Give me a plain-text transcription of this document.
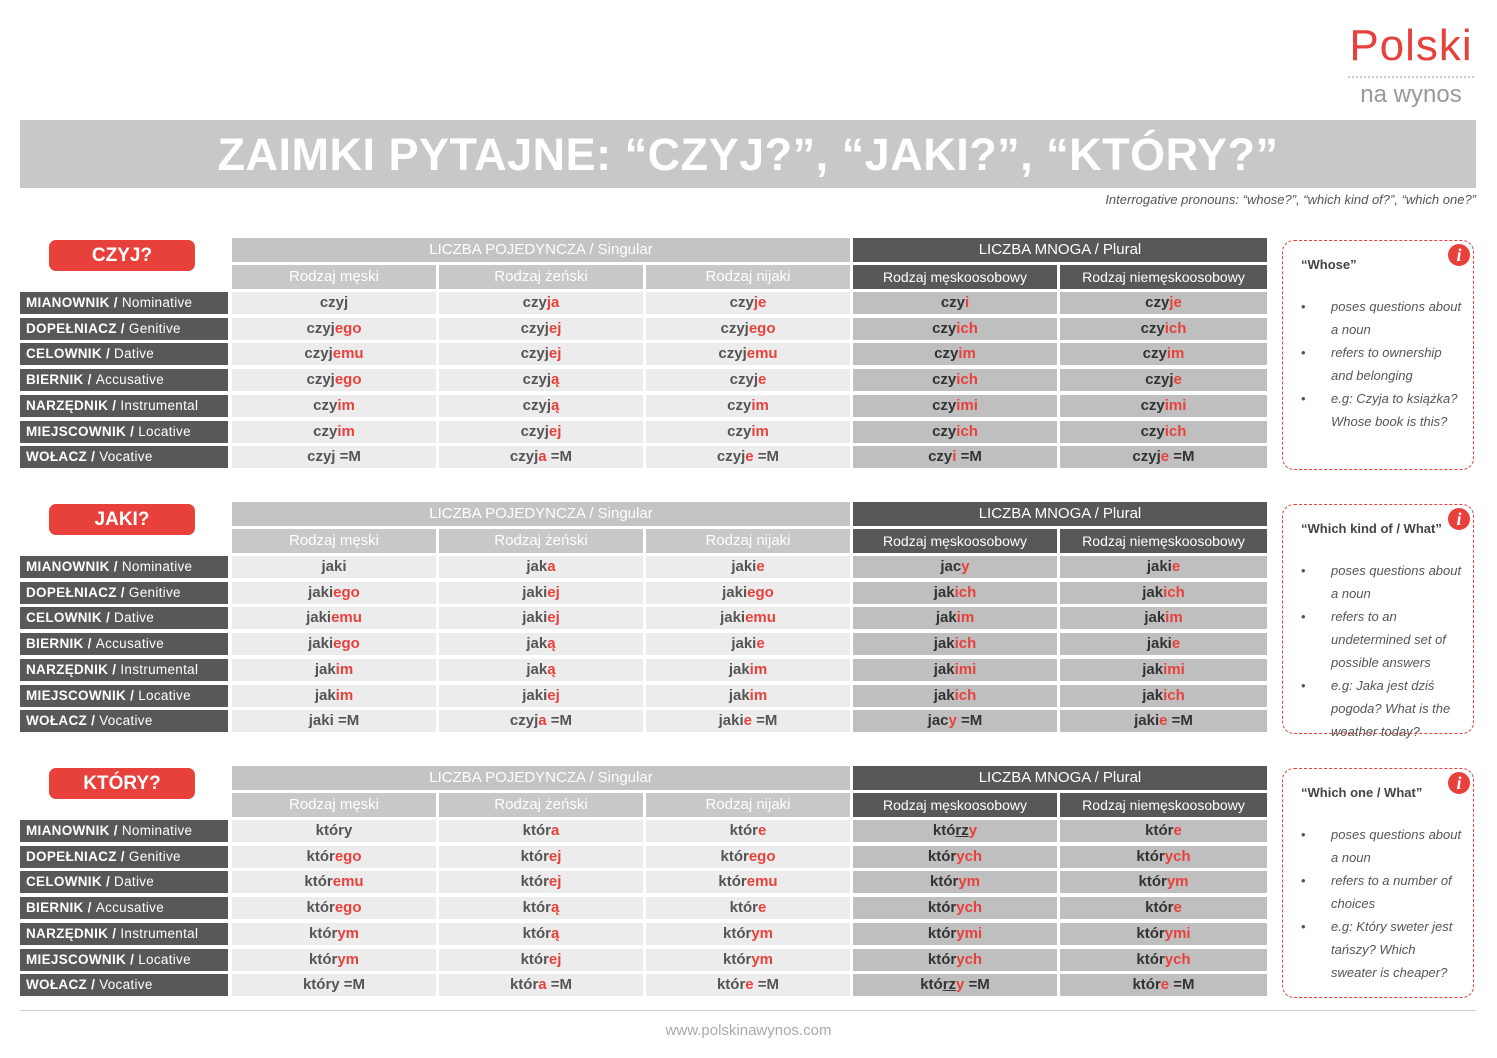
Polski
na wynos
ZAIMKI PYTAJNE: “CZYJ?”, “JAKI?”, “KTÓRY?”
Interrogative pronouns: “whose?”, “which kind of?”, “which one?”
CZYJ?	LICZBA POJEDYNCZA / Singular	LICZBA MNOGA / Plural
Rodzaj męski	Rodzaj żeński	Rodzaj nijaki	Rodzaj męskoosobowy	Rodzaj niemęskoosobowy
MIANOWNIK / Nominative	czyj	czyja	czyje	czyi	czyje
DOPEŁNIACZ / Genitive	czyjego	czyjej	czyjego	czyich	czyich
CELOWNIK / Dative	czyjemu	czyjej	czyjemu	czyim	czyim
BIERNIK / Accusative	czyjego	czyją	czyje	czyich	czyje
NARZĘDNIK / Instrumental	czyim	czyją	czyim	czyimi	czyimi
MIEJSCOWNIK / Locative	czyim	czyjej	czyim	czyich	czyich
WOŁACZ / Vocative	czyj =M	czyja =M	czyje =M	czyi =M	czyje =M
i
“Whose”
• poses questions about a noun
• refers to ownership and belonging
• e.g: Czyja to książka? Whose book is this?
JAKI?	LICZBA POJEDYNCZA / Singular	LICZBA MNOGA / Plural
Rodzaj męski	Rodzaj żeński	Rodzaj nijaki	Rodzaj męskoosobowy	Rodzaj niemęskoosobowy
MIANOWNIK / Nominative	jaki	jaka	jakie	jacy	jakie
DOPEŁNIACZ / Genitive	jakiego	jakiej	jakiego	jakich	jakich
CELOWNIK / Dative	jakiemu	jakiej	jakiemu	jakim	jakim
BIERNIK / Accusative	jakiego	jaką	jakie	jakich	jakie
NARZĘDNIK / Instrumental	jakim	jaką	jakim	jakimi	jakimi
MIEJSCOWNIK / Locative	jakim	jakiej	jakim	jakich	jakich
WOŁACZ / Vocative	jaki =M	czyja =M	jakie =M	jacy =M	jakie =M
i
“Which kind of / What”
• poses questions about a noun
• refers to an undetermined set of possible answers
• e.g: Jaka jest dziś pogoda? What is the weather today?
KTÓRY?	LICZBA POJEDYNCZA / Singular	LICZBA MNOGA / Plural
Rodzaj męski	Rodzaj żeński	Rodzaj nijaki	Rodzaj męskoosobowy	Rodzaj niemęskoosobowy
MIANOWNIK / Nominative	który	która	które	którzy	które
DOPEŁNIACZ / Genitive	którego	której	którego	których	których
CELOWNIK / Dative	któremu	której	któremu	którym	którym
BIERNIK / Accusative	którego	którą	które	których	które
NARZĘDNIK / Instrumental	którym	którą	którym	którymi	którymi
MIEJSCOWNIK / Locative	którym	której	którym	których	których
WOŁACZ / Vocative	który =M	która =M	które =M	którzy =M	które =M
i
“Which one / What”
• poses questions about a noun
• refers to a number of choices
• e.g: Który sweter jest tańszy? Which sweater is cheaper?
www.polskinawynos.com
